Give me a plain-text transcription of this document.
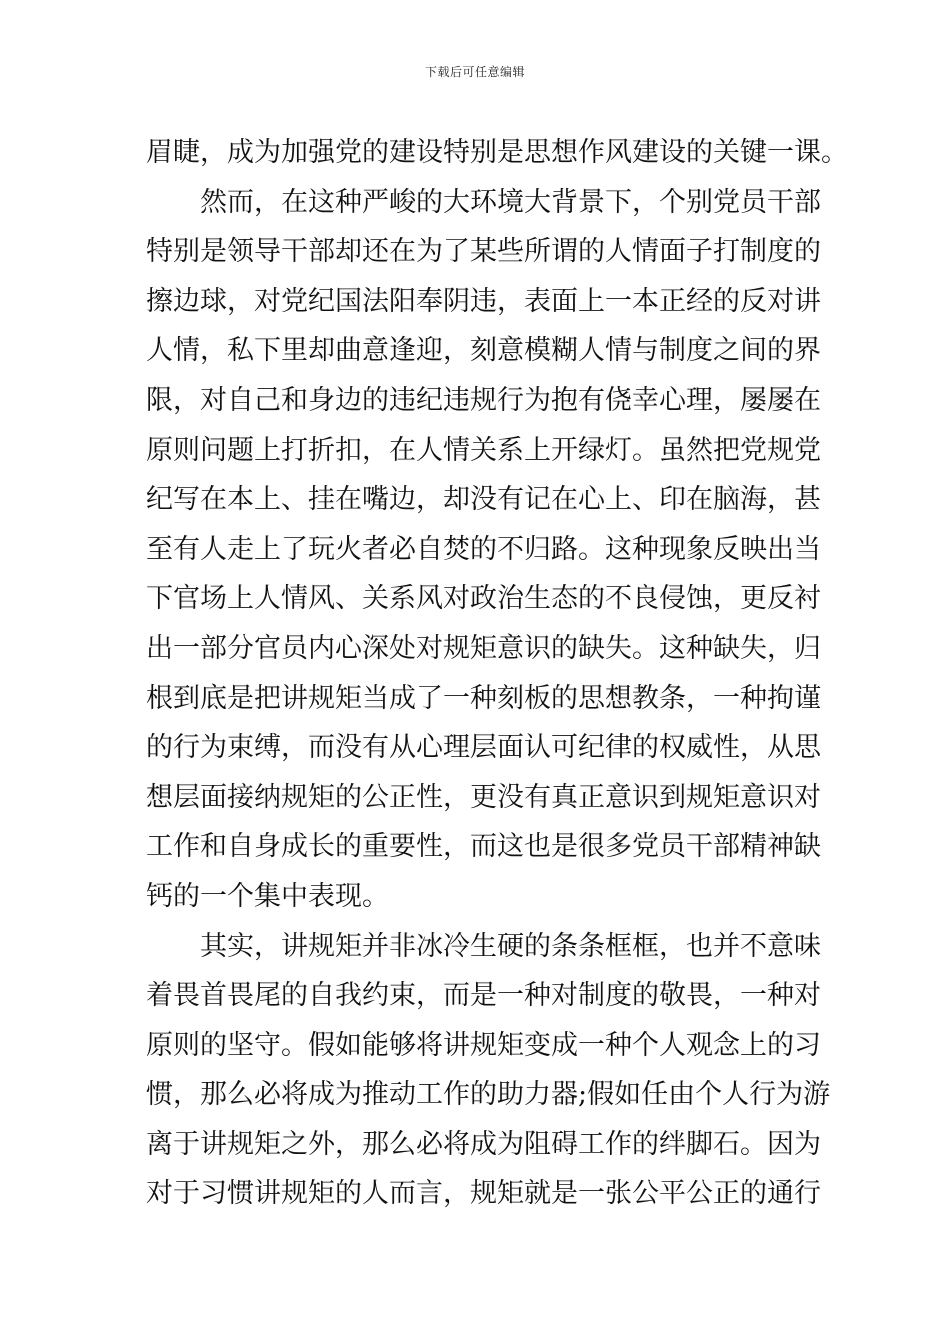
下载后可任意编辑
眉睫，成为加强党的建设特别是思想作风建设的关键一课。
然而，在这种严峻的大环境大背景下，个别党员干部
特别是领导干部却还在为了某些所谓的人情面子打制度的
擦边球，对党纪国法阳奉阴违，表面上一本正经的反对讲
人情，私下里却曲意逢迎，刻意模糊人情与制度之间的界
限，对自己和身边的违纪违规行为抱有侥幸心理，屡屡在
原则问题上打折扣，在人情关系上开绿灯。虽然把党规党
纪写在本上、挂在嘴边，却没有记在心上、印在脑海，甚
至有人走上了玩火者必自焚的不归路。这种现象反映出当
下官场上人情风、关系风对政治生态的不良侵蚀，更反衬
出一部分官员内心深处对规矩意识的缺失。这种缺失，归
根到底是把讲规矩当成了一种刻板的思想教条，一种拘谨
的行为束缚，而没有从心理层面认可纪律的权威性，从思
想层面接纳规矩的公正性，更没有真正意识到规矩意识对
工作和自身成长的重要性，而这也是很多党员干部精神缺
钙的一个集中表现。
其实，讲规矩并非冰冷生硬的条条框框，也并不意味
着畏首畏尾的自我约束，而是一种对制度的敬畏，一种对
原则的坚守。假如能够将讲规矩变成一种个人观念上的习
惯，那么必将成为推动工作的助力器;假如任由个人行为游
离于讲规矩之外，那么必将成为阻碍工作的绊脚石。因为
对于习惯讲规矩的人而言，规矩就是一张公平公正的通行
